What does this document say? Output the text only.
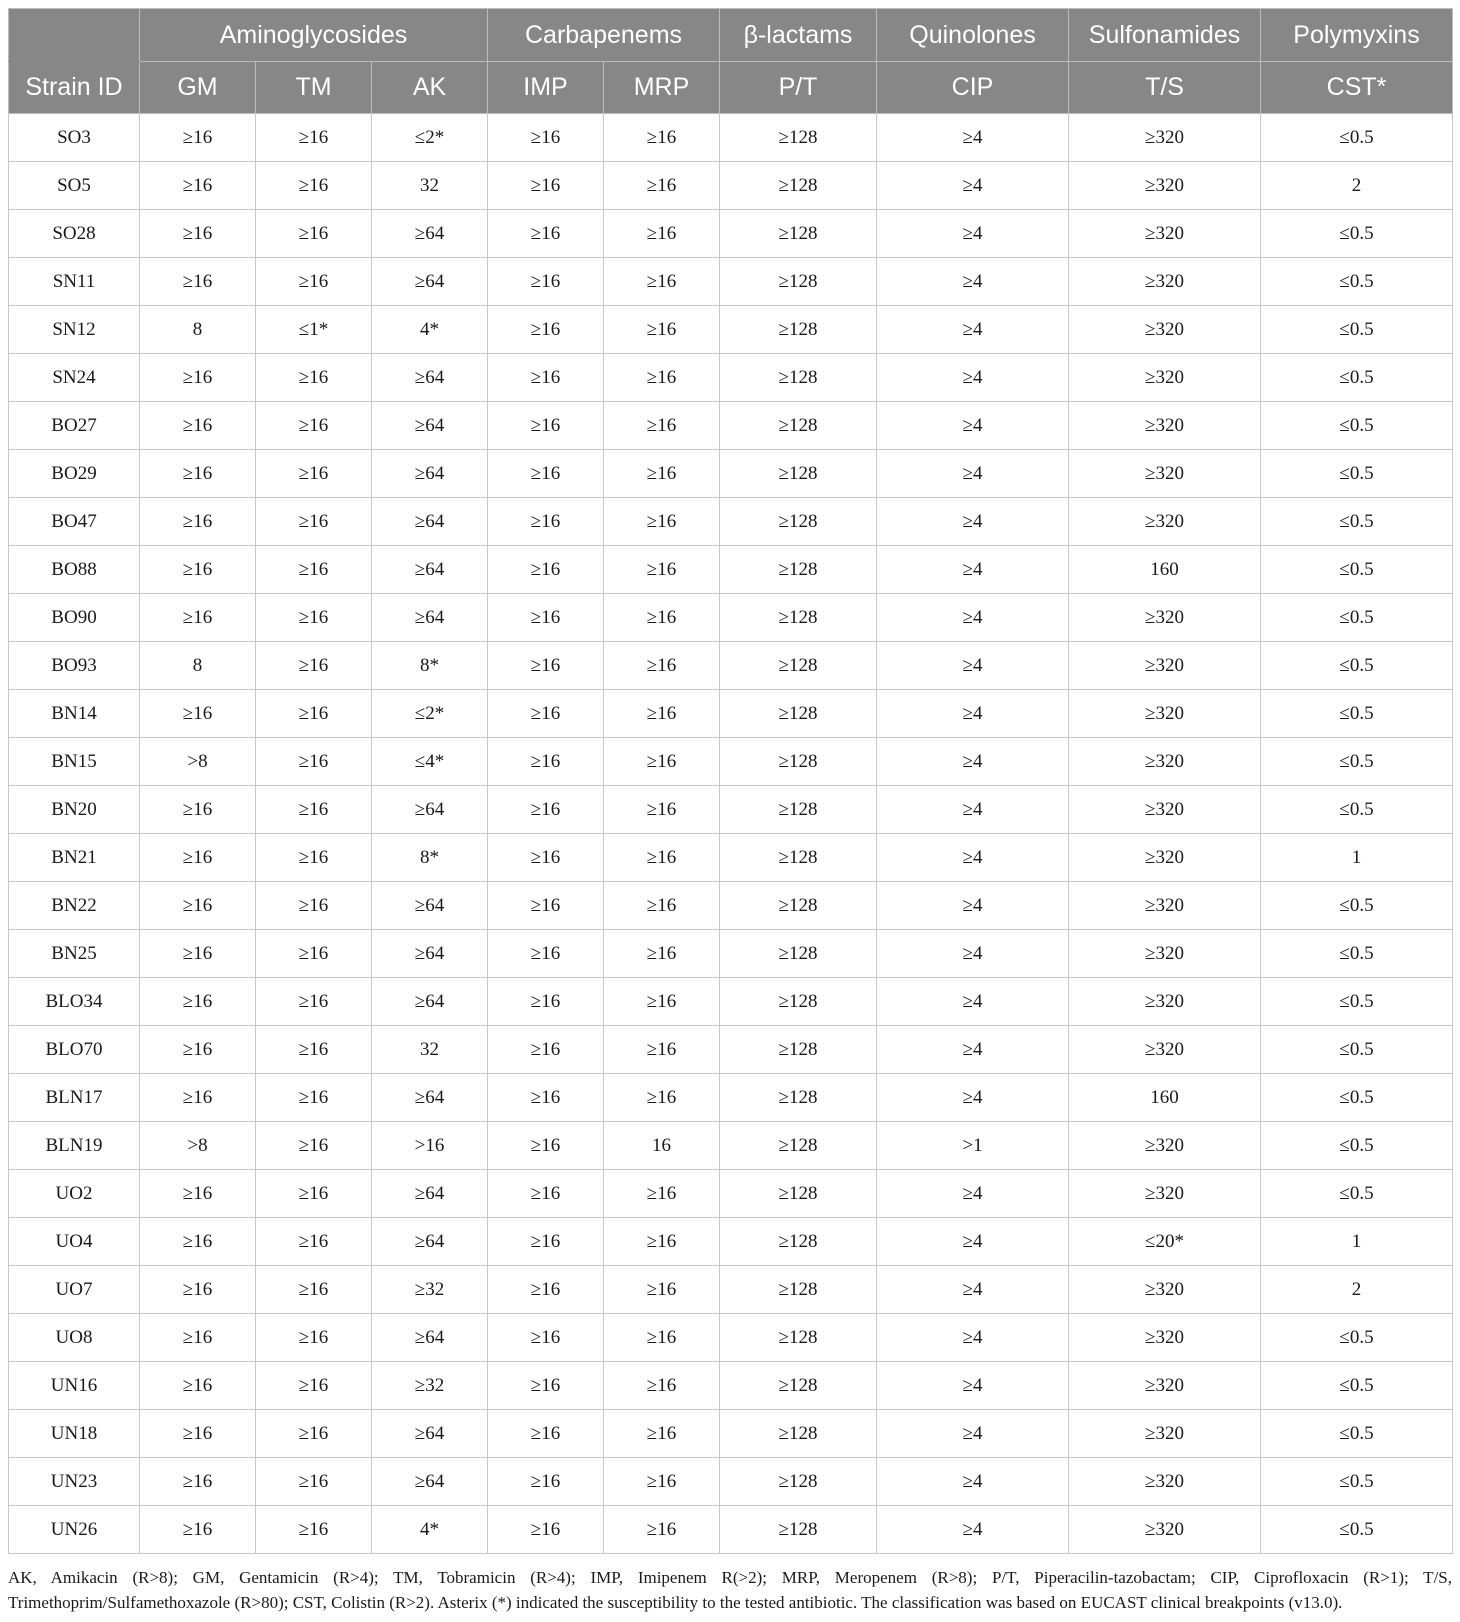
	Aminoglycosides			Carbapenems		β-lactams	Quinolones	Sulfonamides	Polymyxins
Strain ID	GM	TM	AK	IMP	MRP	P/T	CIP	T/S	CST*
SO3	≥16	≥16	≤2*	≥16	≥16	≥128	≥4	≥320	≤0.5
SO5	≥16	≥16	32	≥16	≥16	≥128	≥4	≥320	2
SO28	≥16	≥16	≥64	≥16	≥16	≥128	≥4	≥320	≤0.5
SN11	≥16	≥16	≥64	≥16	≥16	≥128	≥4	≥320	≤0.5
SN12	8	≤1*	4*	≥16	≥16	≥128	≥4	≥320	≤0.5
SN24	≥16	≥16	≥64	≥16	≥16	≥128	≥4	≥320	≤0.5
BO27	≥16	≥16	≥64	≥16	≥16	≥128	≥4	≥320	≤0.5
BO29	≥16	≥16	≥64	≥16	≥16	≥128	≥4	≥320	≤0.5
BO47	≥16	≥16	≥64	≥16	≥16	≥128	≥4	≥320	≤0.5
BO88	≥16	≥16	≥64	≥16	≥16	≥128	≥4	160	≤0.5
BO90	≥16	≥16	≥64	≥16	≥16	≥128	≥4	≥320	≤0.5
BO93	8	≥16	8*	≥16	≥16	≥128	≥4	≥320	≤0.5
BN14	≥16	≥16	≤2*	≥16	≥16	≥128	≥4	≥320	≤0.5
BN15	>8	≥16	≤4*	≥16	≥16	≥128	≥4	≥320	≤0.5
BN20	≥16	≥16	≥64	≥16	≥16	≥128	≥4	≥320	≤0.5
BN21	≥16	≥16	8*	≥16	≥16	≥128	≥4	≥320	1
BN22	≥16	≥16	≥64	≥16	≥16	≥128	≥4	≥320	≤0.5
BN25	≥16	≥16	≥64	≥16	≥16	≥128	≥4	≥320	≤0.5
BLO34	≥16	≥16	≥64	≥16	≥16	≥128	≥4	≥320	≤0.5
BLO70	≥16	≥16	32	≥16	≥16	≥128	≥4	≥320	≤0.5
BLN17	≥16	≥16	≥64	≥16	≥16	≥128	≥4	160	≤0.5
BLN19	>8	≥16	>16	≥16	16	≥128	>1	≥320	≤0.5
UO2	≥16	≥16	≥64	≥16	≥16	≥128	≥4	≥320	≤0.5
UO4	≥16	≥16	≥64	≥16	≥16	≥128	≥4	≤20*	1
UO7	≥16	≥16	≥32	≥16	≥16	≥128	≥4	≥320	2
UO8	≥16	≥16	≥64	≥16	≥16	≥128	≥4	≥320	≤0.5
UN16	≥16	≥16	≥32	≥16	≥16	≥128	≥4	≥320	≤0.5
UN18	≥16	≥16	≥64	≥16	≥16	≥128	≥4	≥320	≤0.5
UN23	≥16	≥16	≥64	≥16	≥16	≥128	≥4	≥320	≤0.5
UN26	≥16	≥16	4*	≥16	≥16	≥128	≥4	≥320	≤0.5

AK, Amikacin (R>8); GM, Gentamicin (R>4); TM, Tobramicin (R>4); IMP, Imipenem R(>2); MRP, Meropenem (R>8); P/T, Piperacilin-tazobactam; CIP, Ciprofloxacin (R>1); T/S, Trimethoprim/Sulfamethoxazole (R>80); CST, Colistin (R>2). Asterix (*) indicated the susceptibility to the tested antibiotic. The classification was based on EUCAST clinical breakpoints (v13.0).
